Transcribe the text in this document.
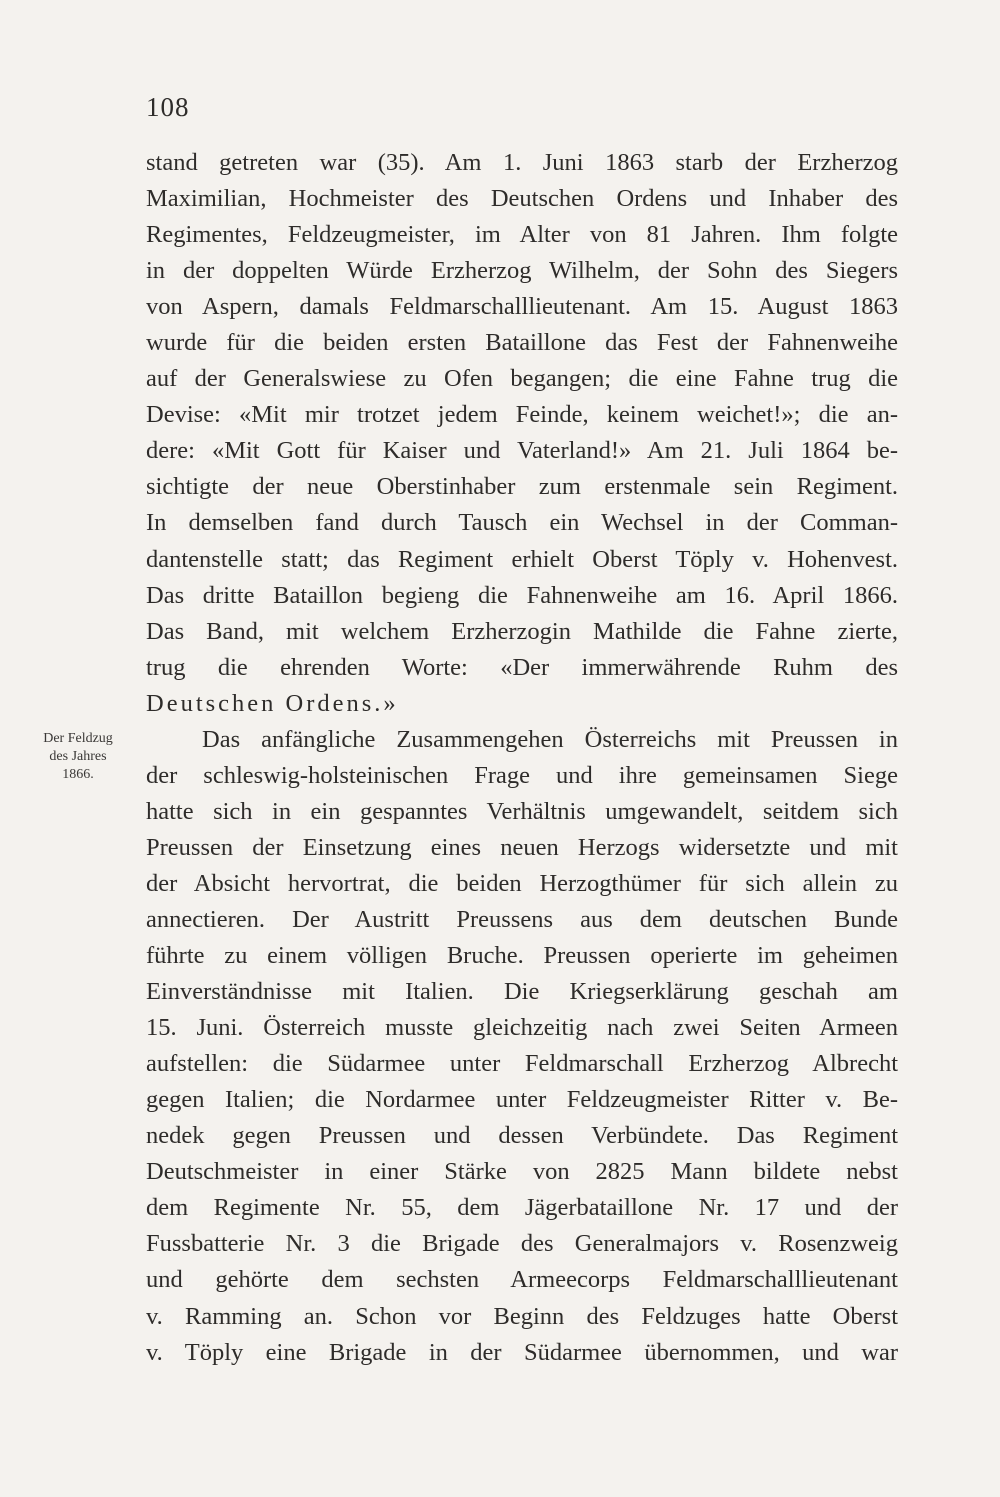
108
Der Feldzug
des Jahres
1866.
stand getreten war (35). Am 1. Juni 1863 starb der Erzherzog
Maximilian, Hochmeister des Deutschen Ordens und Inhaber des
Regimentes, Feldzeugmeister, im Alter von 81 Jahren. Ihm folgte
in der doppelten Würde Erzherzog Wilhelm, der Sohn des Siegers
von Aspern, damals Feldmarschalllieutenant. Am 15. August 1863
wurde für die beiden ersten Bataillone das Fest der Fahnenweihe
auf der Generalswiese zu Ofen begangen; die eine Fahne trug die
Devise: «Mit mir trotzet jedem Feinde, keinem weichet!»; die an-
dere: «Mit Gott für Kaiser und Vaterland!» Am 21. Juli 1864 be-
sichtigte der neue Oberstinhaber zum erstenmale sein Regiment.
In demselben fand durch Tausch ein Wechsel in der Comman-
dantenstelle statt; das Regiment erhielt Oberst Töply v. Hohenvest.
Das dritte Bataillon begieng die Fahnenweihe am 16. April 1866.
Das Band, mit welchem Erzherzogin Mathilde die Fahne zierte,
trug die ehrenden Worte: «Der immerwährende Ruhm des
Deutschen Ordens.»
Das anfängliche Zusammengehen Österreichs mit Preussen in
der schleswig-holsteinischen Frage und ihre gemeinsamen Siege
hatte sich in ein gespanntes Verhältnis umgewandelt, seitdem sich
Preussen der Einsetzung eines neuen Herzogs widersetzte und mit
der Absicht hervortrat, die beiden Herzogthümer für sich allein zu
annectieren. Der Austritt Preussens aus dem deutschen Bunde
führte zu einem völligen Bruche. Preussen operierte im geheimen
Einverständnisse mit Italien. Die Kriegserklärung geschah am
15. Juni. Österreich musste gleichzeitig nach zwei Seiten Armeen
aufstellen: die Südarmee unter Feldmarschall Erzherzog Albrecht
gegen Italien; die Nordarmee unter Feldzeugmeister Ritter v. Be-
nedek gegen Preussen und dessen Verbündete. Das Regiment
Deutschmeister in einer Stärke von 2825 Mann bildete nebst
dem Regimente Nr. 55, dem Jägerbataillone Nr. 17 und der
Fussbatterie Nr. 3 die Brigade des Generalmajors v. Rosenzweig
und gehörte dem sechsten Armeecorps Feldmarschalllieutenant
v. Ramming an. Schon vor Beginn des Feldzuges hatte Oberst
v. Töply eine Brigade in der Südarmee übernommen, und war
